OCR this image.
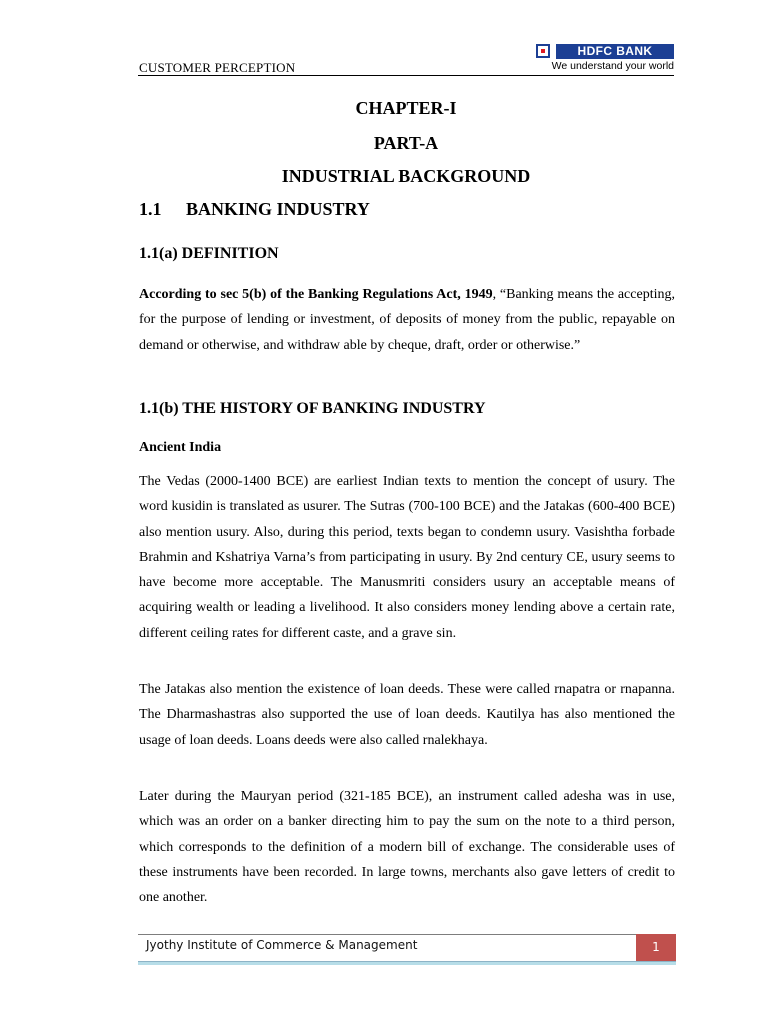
CUSTOMER PERCEPTION
HDFC BANK
We understand your world
CHAPTER-I
PART-A
INDUSTRIAL BACKGROUND
1.1 BANKING INDUSTRY
1.1(a) DEFINITION
According to sec 5(b) of the Banking Regulations Act, 1949, “Banking means the accepting, for the purpose of lending or investment, of deposits of money from the public, repayable on demand or otherwise, and withdraw able by cheque, draft, order or otherwise.”
1.1(b) THE HISTORY OF BANKING INDUSTRY
Ancient India
The Vedas (2000-1400 BCE) are earliest Indian texts to mention the concept of usury. The word kusidin is translated as usurer. The Sutras (700-100 BCE) and the Jatakas (600-400 BCE) also mention usury. Also, during this period, texts began to condemn usury. Vasishtha forbade Brahmin and Kshatriya Varna’s from participating in usury. By 2nd century CE, usury seems to have become more acceptable. The Manusmriti considers usury an acceptable means of acquiring wealth or leading a livelihood. It also considers money lending above a certain rate, different ceiling rates for different caste, and a grave sin.
The Jatakas also mention the existence of loan deeds. These were called rnapatra or rnapanna. The Dharmashastras also supported the use of loan deeds. Kautilya has also mentioned the usage of loan deeds. Loans deeds were also called rnalekhaya.
Later during the Mauryan period (321-185 BCE), an instrument called adesha was in use, which was an order on a banker directing him to pay the sum on the note to a third person, which corresponds to the definition of a modern bill of exchange. The considerable uses of these instruments have been recorded. In large towns, merchants also gave letters of credit to one another.
Jyothy Institute of Commerce & Management	1
